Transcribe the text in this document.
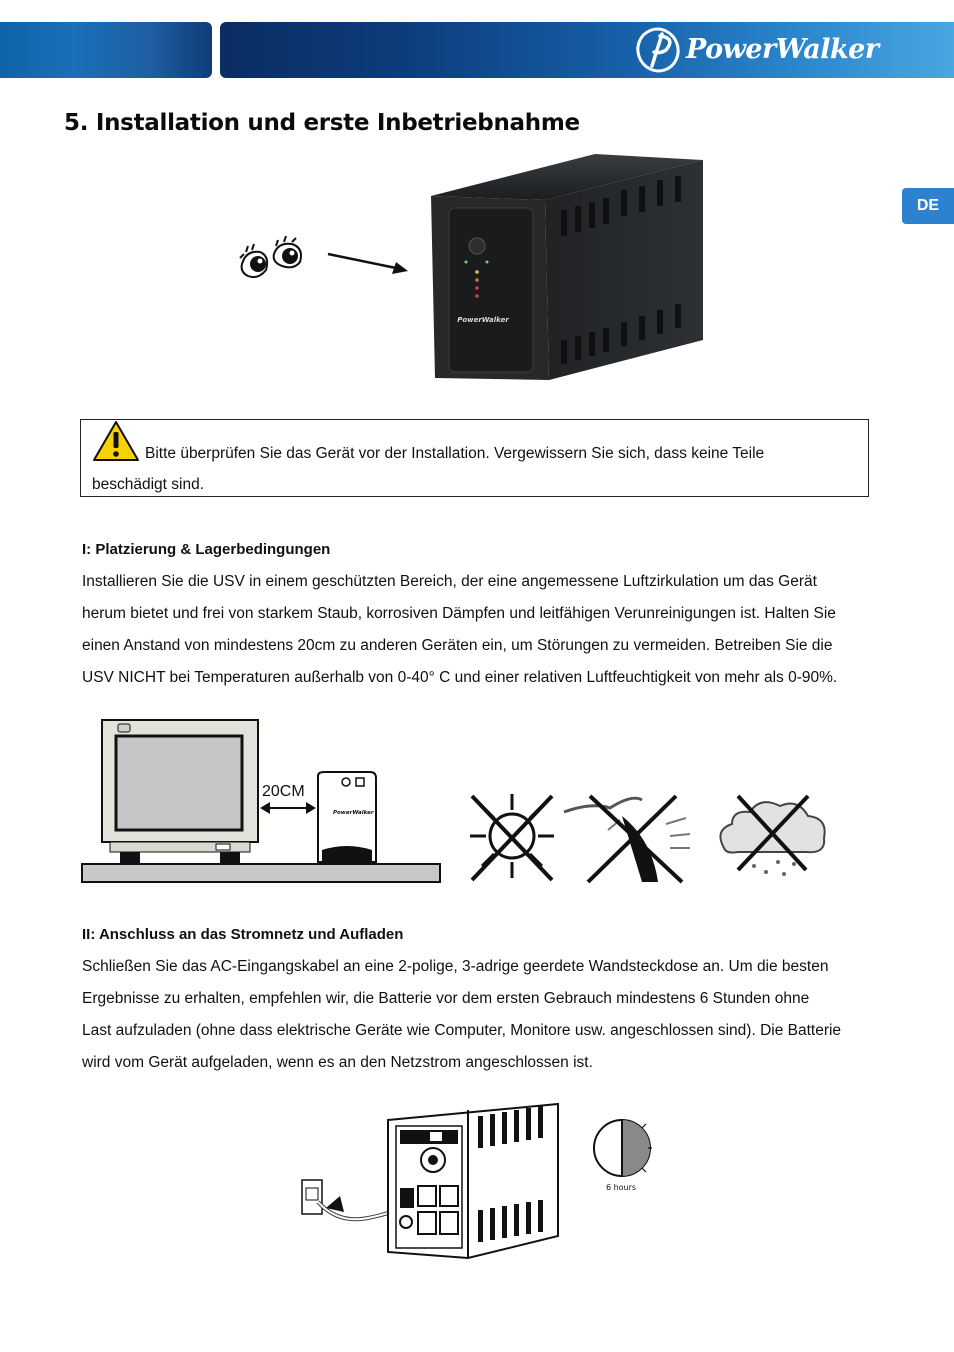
PowerWalker
DE
5. Installation und erste Inbetriebnahme
PowerWalker
Bitte überprüfen Sie das Gerät vor der Installation. Vergewissern Sie sich, dass keine Teile
beschädigt sind.
I: Platzierung & Lagerbedingungen

Installieren Sie die USV in einem geschützten Bereich, der eine angemessene Luftzirkulation um das Gerät

herum bietet und frei von starkem Staub, korrosiven Dämpfen und leitfähigen Verunreinigungen ist. Halten Sie

einen Anstand von mindestens 20cm zu anderen Geräten ein, um Störungen zu vermeiden. Betreiben Sie die

USV NICHT bei Temperaturen außerhalb von 0-40° C und einer relativen Luftfeuchtigkeit von mehr als 0-90%.

20CM
PowerWalker
II: Anschluss an das Stromnetz und Aufladen

Schließen Sie das AC-Eingangskabel an eine 2-polige, 3-adrige geerdete Wandsteckdose an. Um die besten

Ergebnisse zu erhalten, empfehlen wir, die Batterie vor dem ersten Gebrauch mindestens 6 Stunden ohne

Last aufzuladen (ohne dass elektrische Geräte wie Computer, Monitore usw. angeschlossen sind). Die Batterie

wird vom Gerät aufgeladen, wenn es an den Netzstrom angeschlossen ist.

6 hours
